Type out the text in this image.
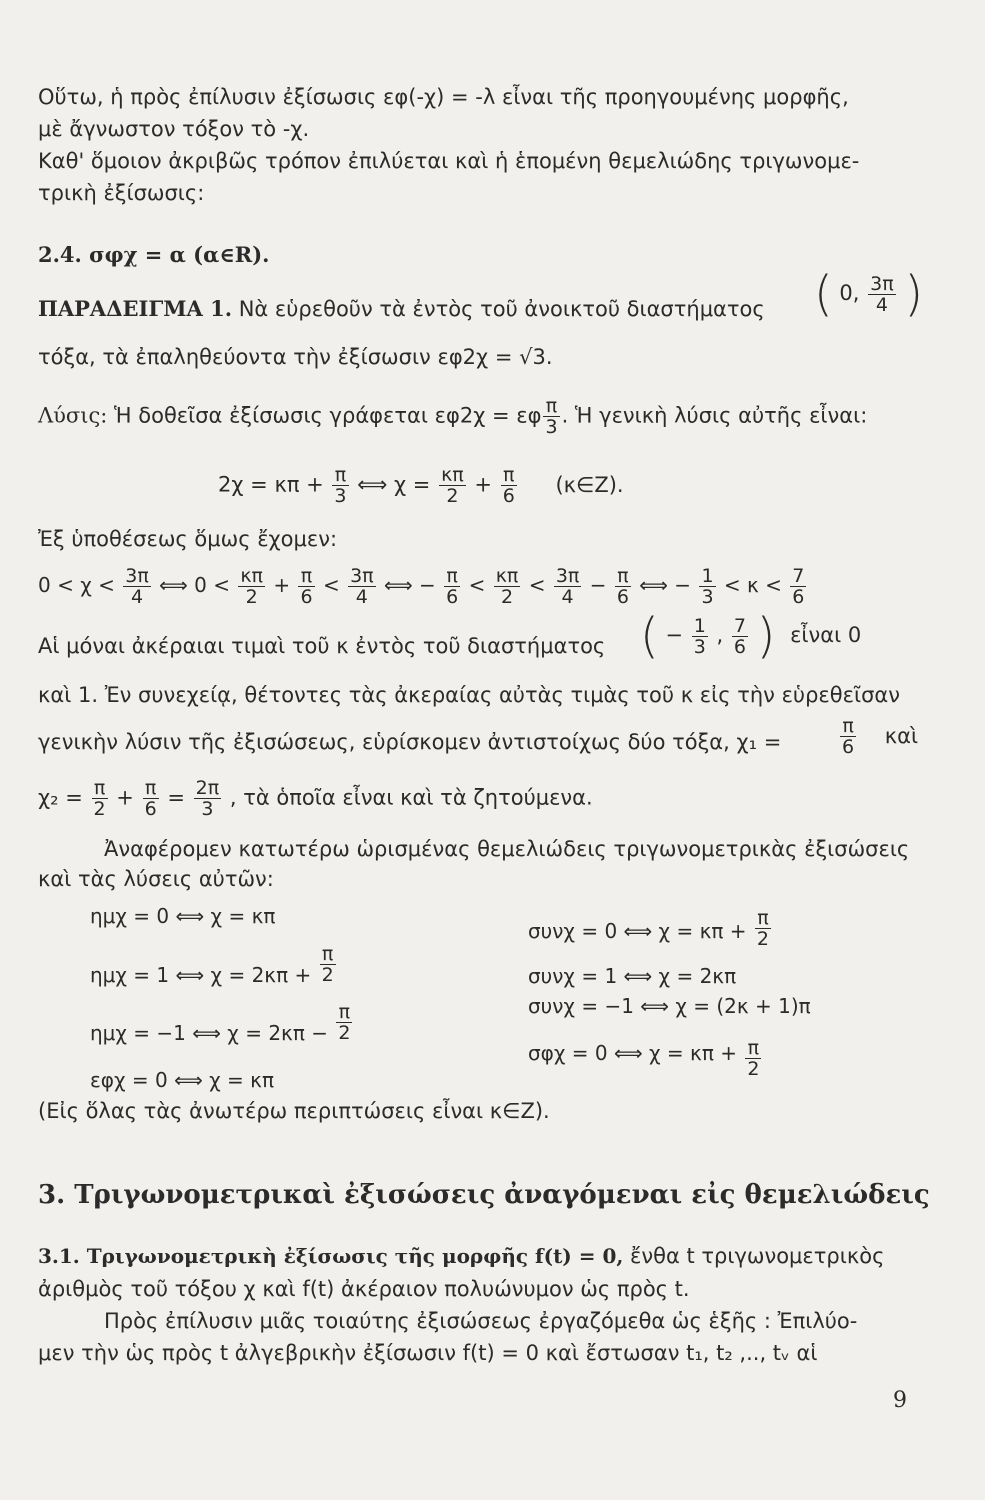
Οὕτω, ἡ πρὸς ἐπίλυσιν ἐξίσωσις εφ(-χ) = -λ εἶναι τῆς προηγουμένης μορφῆς,
μὲ ἄγνωστον τόξον τὸ -χ.
Καθ' ὅμοιον ἀκριβῶς τρόπον ἐπιλύεται καὶ ἡ ἑπομένη θεμελιώδης τριγωνομε-
τρικὴ ἐξίσωσις:
2.4. σφχ = α (α∈R).
ΠΑΡΑΔΕΙΓΜΑ 1. Νὰ εὑρεθοῦν τὰ ἐντὸς τοῦ ἀνοικτοῦ διαστήματος ( 0, $\frac{3\pi}{4}$ )
τόξα, τὰ ἐπαληθεύοντα τὴν ἐξίσωσιν εφ2χ = √3.
Λύσις: Ἡ δοθεῖσα ἐξίσωσις γράφεται εφ2χ = εφ $\frac{\pi}{3}$ . Ἡ γενικὴ λύσις αὐτῆς εἶναι:
$2\chi = \kappa\pi + \frac{\pi}{3}$ ⟺ $\chi = \frac{\kappa\pi}{2} + \frac{\pi}{6}$ (κ∈Z).
Ἐξ ὑποθέσεως ὅμως ἔχομεν:
$0 < \chi < \frac{3\pi}{4}$ ⟺ $0 < \frac{\kappa\pi}{2} + \frac{\pi}{6} < \frac{3\pi}{4}$ ⟺ − $\frac{\pi}{6} < \frac{\kappa\pi}{2} < \frac{3\pi}{4} - \frac{\pi}{6}$ ⟺ − $\frac{1}{3} < \kappa < \frac{7}{6}$
Αἱ μόναι ἀκέραιαι τιμαὶ τοῦ κ ἐντὸς τοῦ διαστήματος ( − $\frac{1}{3}$ , $\frac{7}{6}$ ) εἶναι 0
καὶ 1. Ἐν συνεχείᾳ, θέτοντες τὰς ἀκεραίας αὐτὰς τιμὰς τοῦ κ εἰς τὴν εὑρεθεῖσαν
γενικὴν λύσιν τῆς ἐξισώσεως, εὑρίσκομεν ἀντιστοίχως δύο τόξα, χ₁ =	$\frac{\pi}{6}$ καὶ
$\chi_2 = \frac{\pi}{2} + \frac{\pi}{6} = \frac{2\pi}{3}$ , τὰ ὁποῖα εἶναι καὶ τὰ ζητούμενα.
Ἀναφέρομεν κατωτέρω ὡρισμένας θεμελιώδεις τριγωνομετρικὰς ἐξισώσεις
καὶ τὰς λύσεις αὐτῶν:
ημχ = 0 ⟺ χ = κπ
ημχ = 1 ⟺ $\chi = 2\kappa\pi + \frac{\pi}{2}$
ημχ = −1 ⟺ $\chi = 2\kappa\pi - \frac{\pi}{2}$
εφχ = 0 ⟺ χ = κπ
συνχ = 0 ⟺ $\chi = \kappa\pi + \frac{\pi}{2}$
συνχ = 1 ⟺ χ = 2κπ
συνχ = −1 ⟺ χ = (2κ + 1)π
σφχ = 0 ⟺ $\chi = \kappa\pi + \frac{\pi}{2}$
(Εἰς ὅλας τὰς ἀνωτέρω περιπτώσεις εἶναι κ∈Z).
3. Τριγωνομετρικαὶ ἐξισώσεις ἀναγόμεναι εἰς θεμελιώδεις
3.1. Τριγωνομετρικὴ ἐξίσωσις τῆς μορφῆς f(t) = 0, ἔνθα t τριγωνομετρικὸς
ἀριθμὸς τοῦ τόξου χ καὶ f(t) ἀκέραιον πολυώνυμον ὡς πρὸς t.
Πρὸς ἐπίλυσιν μιᾶς τοιαύτης ἐξισώσεως ἐργαζόμεθα ὡς ἑξῆς : Ἐπιλύο-
μεν τὴν ὡς πρὸς t ἀλγεβρικὴν ἐξίσωσιν f(t) = 0 καὶ ἔστωσαν t₁, t₂ ,.., tᵥ αἱ
9
